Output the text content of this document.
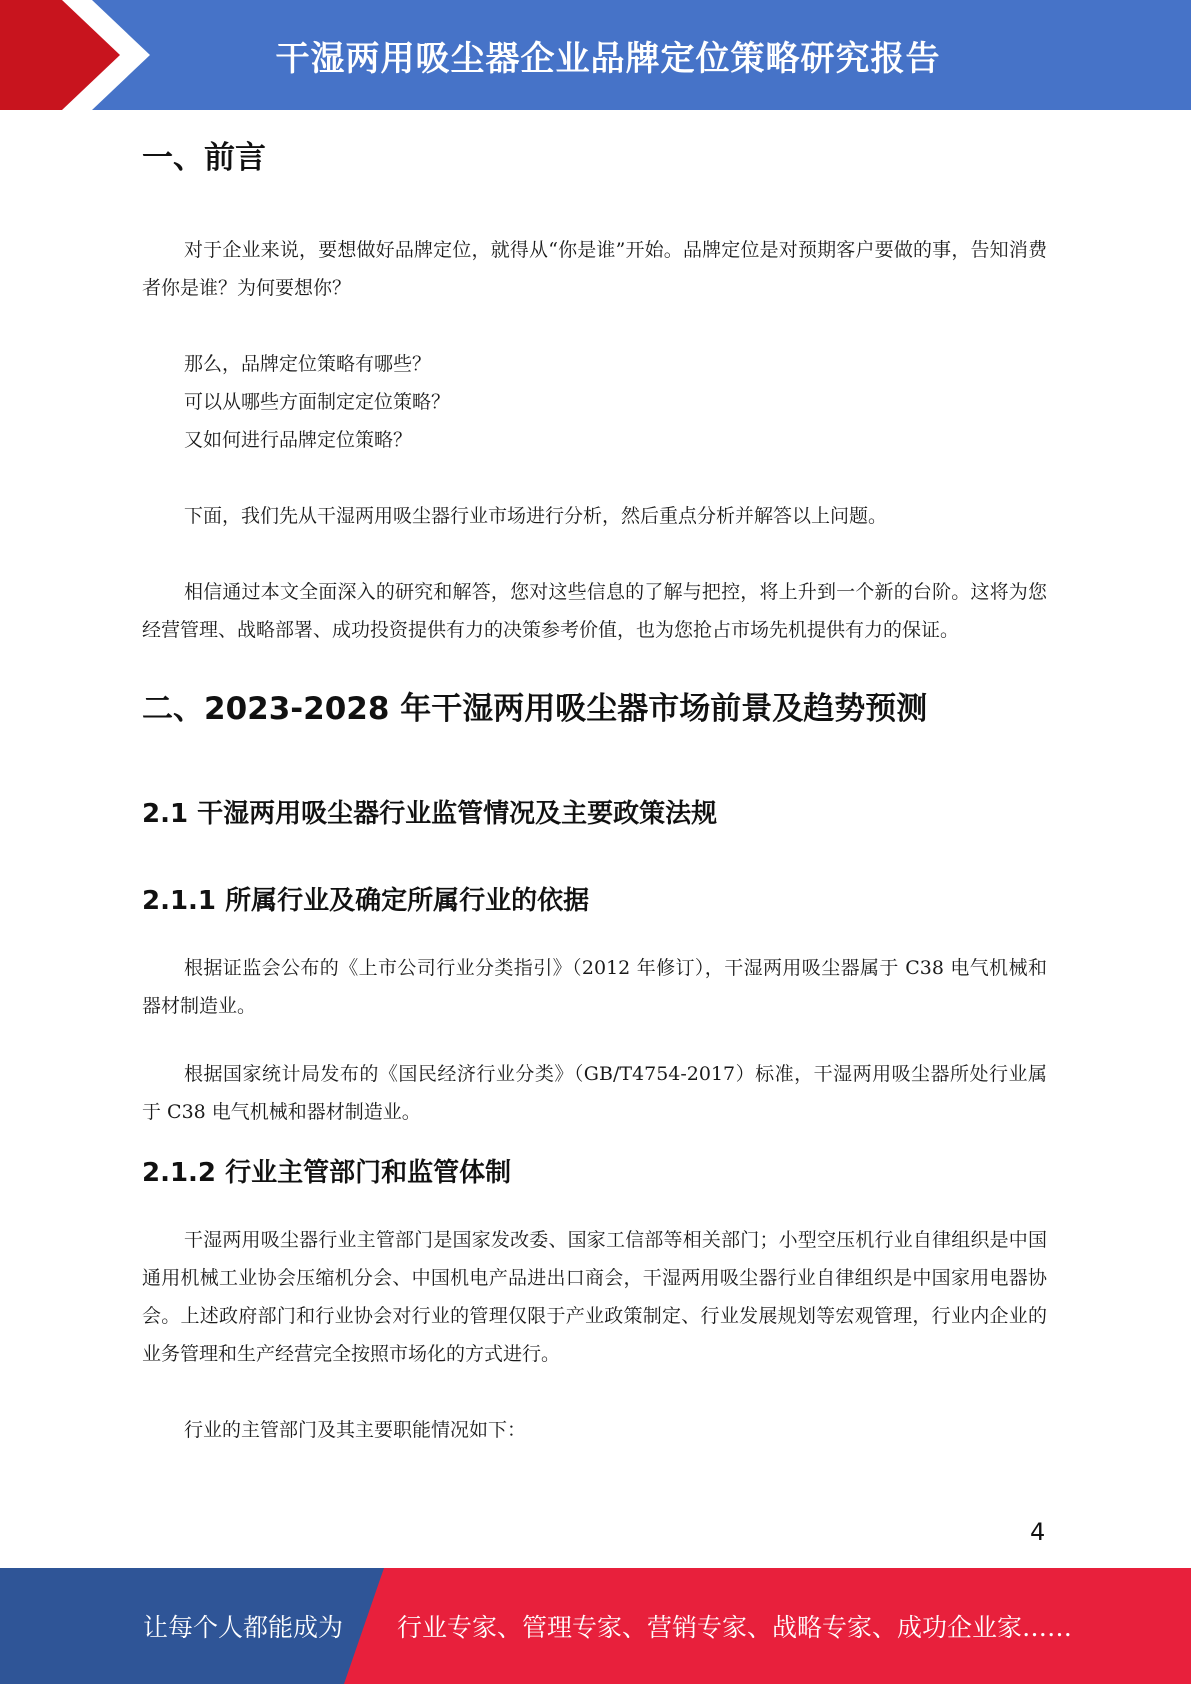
干湿两用吸尘器企业品牌定位策略研究报告
一、前言

对于企业来说，要想做好品牌定位，就得从“你是谁”开始。品牌定位是对预期客户要做的事，告知消费者你是谁？为何要想你？

那么，品牌定位策略有哪些？

可以从哪些方面制定定位策略？

又如何进行品牌定位策略？

下面，我们先从干湿两用吸尘器行业市场进行分析，然后重点分析并解答以上问题。

相信通过本文全面深入的研究和解答，您对这些信息的了解与把控，将上升到一个新的台阶。这将为您经营管理、战略部署、成功投资提供有力的决策参考价值，也为您抢占市场先机提供有力的保证。

二、2023-2028 年干湿两用吸尘器市场前景及趋势预测
2.1 干湿两用吸尘器行业监管情况及主要政策法规
2.1.1 所属行业及确定所属行业的依据

根据证监会公布的《上市公司行业分类指引》（2012 年修订），干湿两用吸尘器属于 C38 电气机械和器材制造业。

根据国家统计局发布的《国民经济行业分类》（GB/T4754-2017）标准，干湿两用吸尘器所处行业属于 C38 电气机械和器材制造业。

2.1.2 行业主管部门和监管体制

干湿两用吸尘器行业主管部门是国家发改委、国家工信部等相关部门；小型空压机行业自律组织是中国通用机械工业协会压缩机分会、中国机电产品进出口商会，干湿两用吸尘器行业自律组织是中国家用电器协会。上述政府部门和行业协会对行业的管理仅限于产业政策制定、行业发展规划等宏观管理，行业内企业的业务管理和生产经营完全按照市场化的方式进行。

行业的主管部门及其主要职能情况如下：

4
让每个人都能成为 行业专家、管理专家、营销专家、战略专家、成功企业家……
